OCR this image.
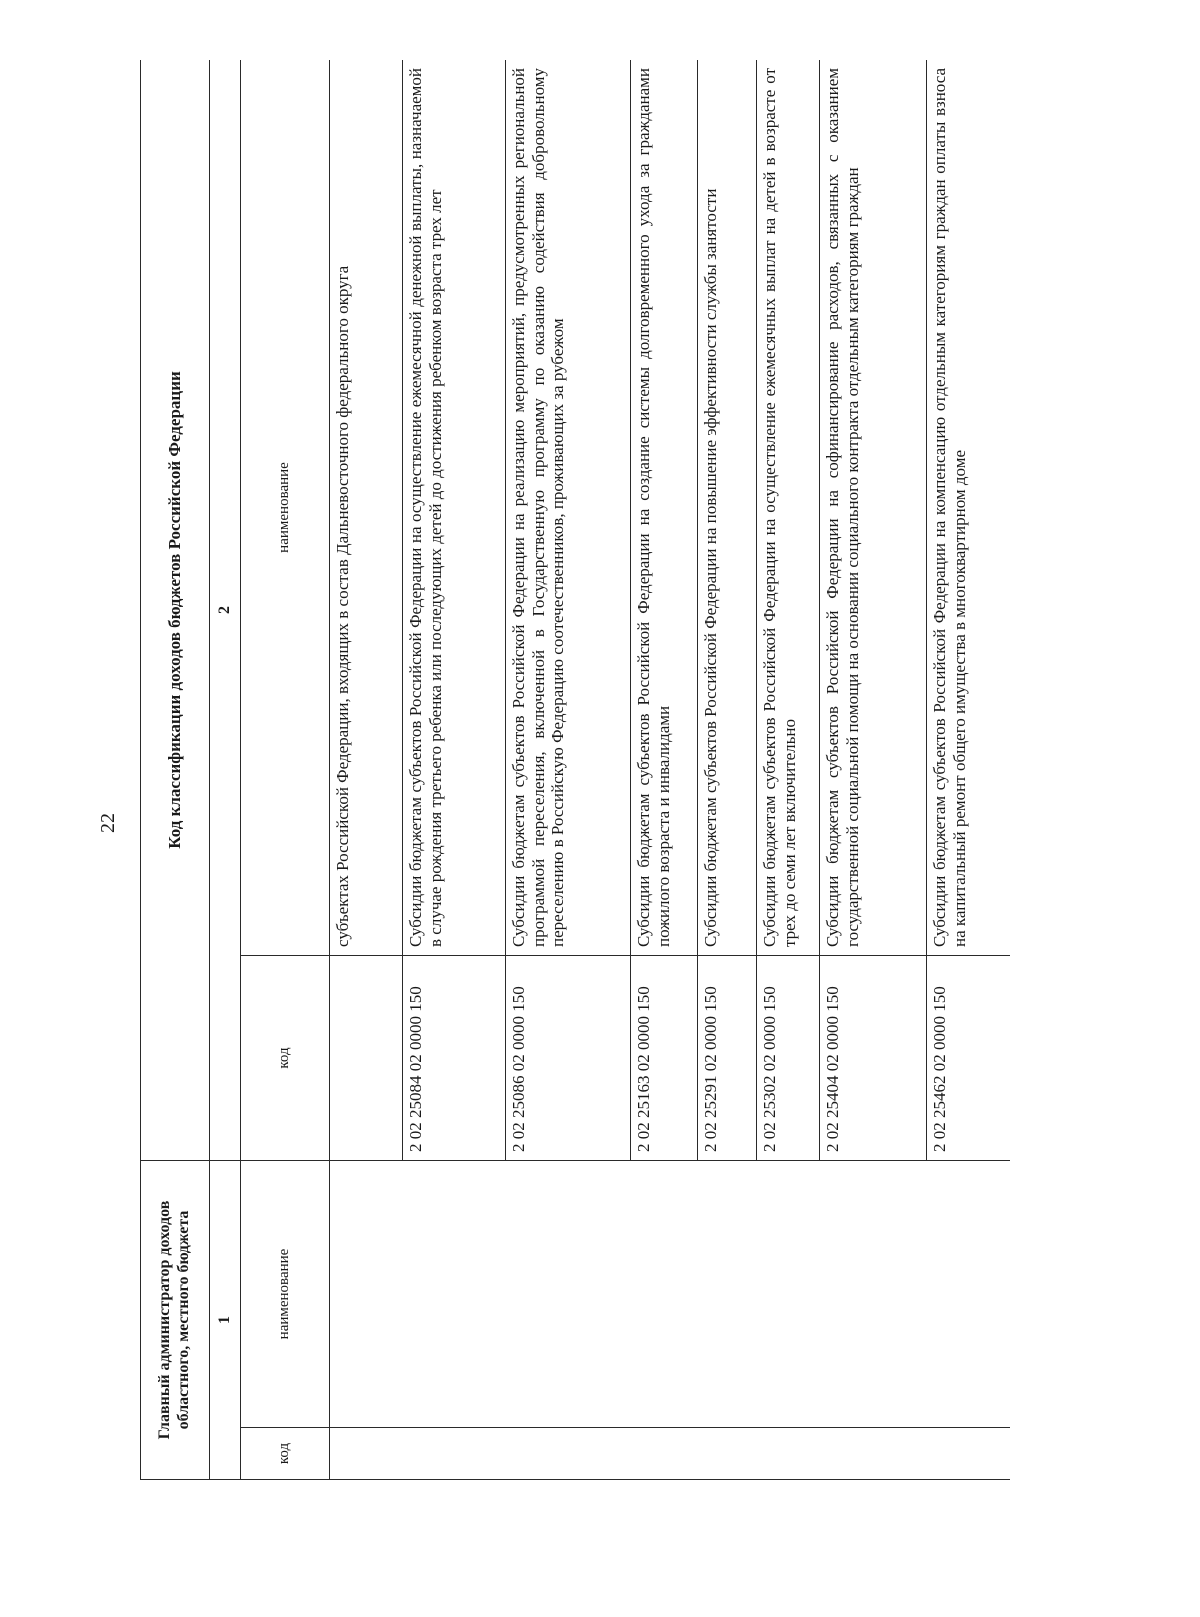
22
Главный администратор доходов областного, местного бюджета		Код классификации доходов бюджетов Российской Федерации	
1		2	
код	наименование	код	наименование
			субъектах Российской Федерации, входящих в состав Дальневосточного федерального округа
		2 02 25084 02 0000 150	Субсидии бюджетам субъектов Российской Федерации на осуществление ежемесячной денежной выплаты, назначаемой в случае рождения третьего ребенка или последующих детей до достижения ребенком возраста трех лет
		2 02 25086 02 0000 150	Субсидии бюджетам субъектов Российской Федерации на реализацию мероприятий, предусмотренных региональной программой переселения, включенной в Государственную программу по оказанию содействия добровольному переселению в Российскую Федерацию соотечественников, проживающих за рубежом
		2 02 25163 02 0000 150	Субсидии бюджетам субъектов Российской Федерации на создание системы долговременного ухода за гражданами пожилого возраста и инвалидами
		2 02 25291 02 0000 150	Субсидии бюджетам субъектов Российской Федерации на повышение эффективности службы занятости
		2 02 25302 02 0000 150	Субсидии бюджетам субъектов Российской Федерации на осуществление ежемесячных выплат на детей в возрасте от трех до семи лет включительно
		2 02 25404 02 0000 150	Субсидии бюджетам субъектов Российской Федерации на софинансирование расходов, связанных с оказанием государственной социальной помощи на основании социального контракта отдельным категориям граждан
		2 02 25462 02 0000 150	Субсидии бюджетам субъектов Российской Федерации на компенсацию отдельным категориям граждан оплаты взноса на капитальный ремонт общего имущества в многоквартирном доме
